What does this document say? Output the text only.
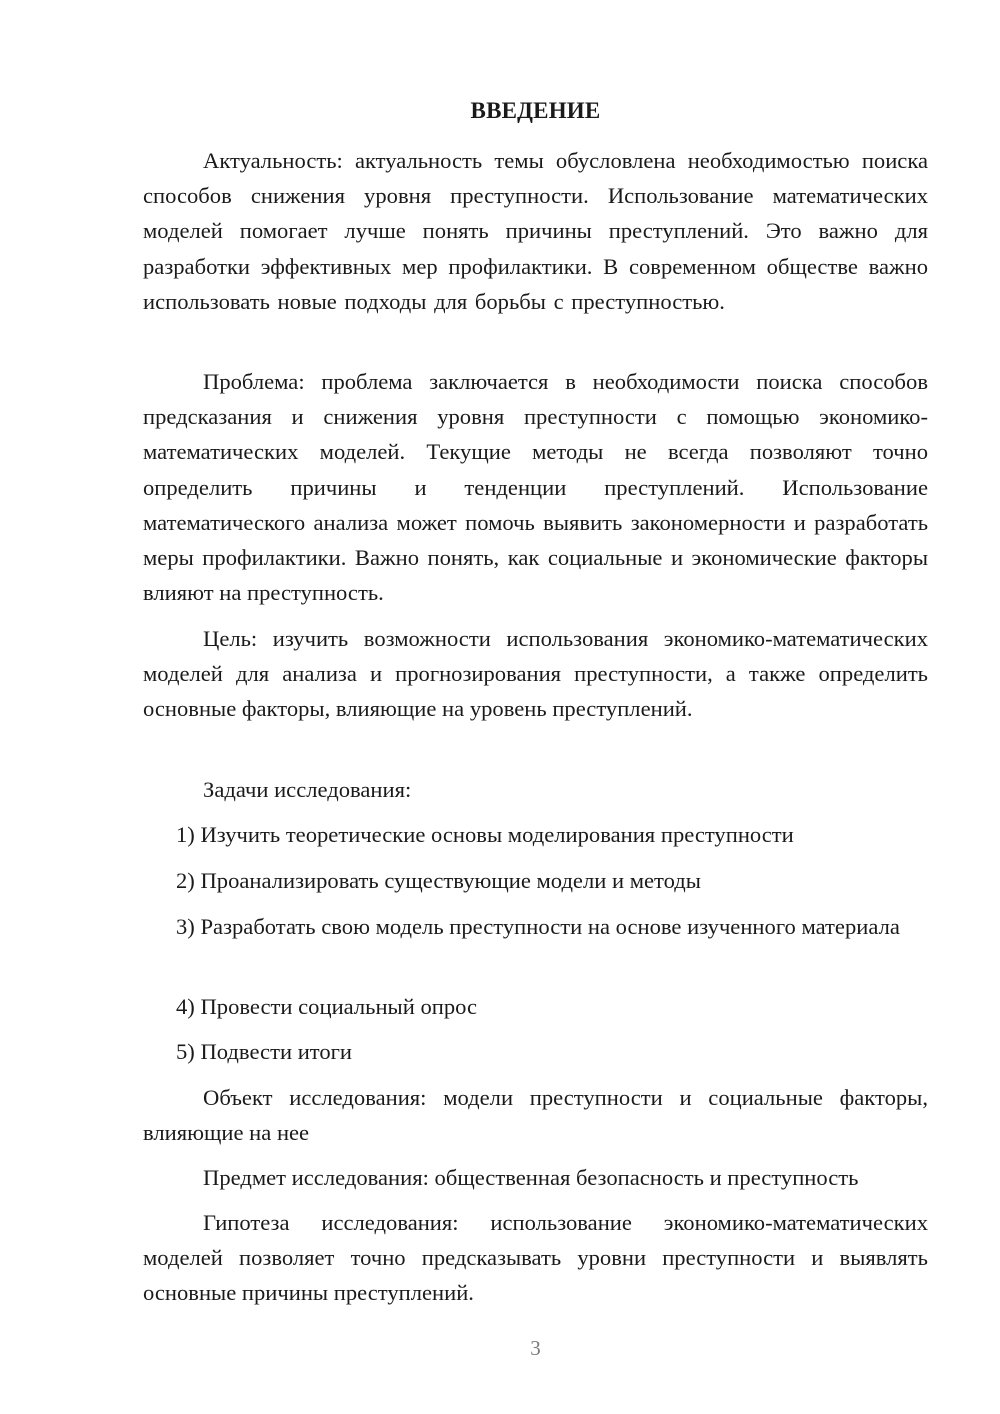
ВВЕДЕНИЕ

Актуальность: актуальность темы обусловлена необходимостью поиска способов снижения уровня преступности. Использование математических моделей помогает лучше понять причины преступлений. Это важно для разработки эффективных мер профилактики. В современном обществе важно использовать новые подходы для борьбы с преступностью.

Проблема: проблема заключается в необходимости поиска способов предсказания и снижения уровня преступности с помощью экономико-математических моделей. Текущие методы не всегда позволяют точно определить причины и тенденции преступлений. Использование математического анализа может помочь выявить закономерности и разработать меры профилактики. Важно понять, как социальные и экономические факторы влияют на преступность.

Цель: изучить возможности использования экономико-математических моделей для анализа и прогнозирования преступности, а также определить основные факторы, влияющие на уровень преступлений.

Задачи исследования:

1) Изучить теоретические основы моделирования преступности

2) Проанализировать существующие модели и методы

3) Разработать свою модель преступности на основе изученного материала

4) Провести социальный опрос

5) Подвести итоги

Объект исследования: модели преступности и социальные факторы, влияющие на нее

Предмет исследования: общественная безопасность и преступность

Гипотеза исследования: использование экономико-математических моделей позволяет точно предсказывать уровни преступности и выявлять основные причины преступлений.

3
